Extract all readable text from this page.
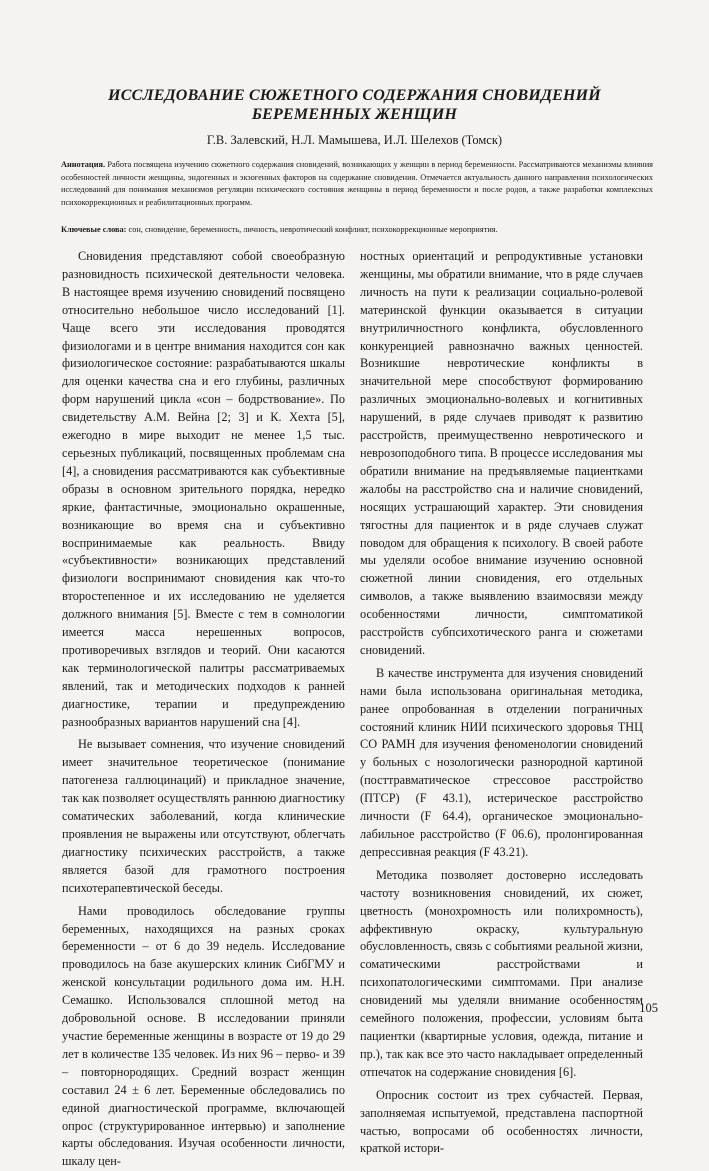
ИССЛЕДОВАНИЕ СЮЖЕТНОГО СОДЕРЖАНИЯ СНОВИДЕНИЙ
БЕРЕМЕННЫХ ЖЕНЩИН
Г.В. Залевский, Н.Л. Мамышева, И.Л. Шелехов (Томск)
Аннотация. Работа посвящена изучению сюжетного содержания сновидений, возникающих у женщин в период беременности. Рассматриваются механизмы влияния особенностей личности женщины, эндогенных и экзогенных факторов на содержание сновидения. Отмечается актуальность данного направления психологических исследований для понимания механизмов регуляции психического состояния женщины в период беременности и после родов, а также разработки комплексных психокоррекционных и реабилитационных программ.
Ключевые слова: сон, сновидение, беременность, личность, невротический конфликт, психокоррекционные мероприятия.

Сновидения представляют собой своеобразную разновидность психической деятельности человека. В настоящее время изучению сновидений посвящено относительно небольшое число исследований [1]. Чаще всего эти исследования проводятся физиологами и в центре внимания находится сон как физиологическое состояние: разрабатываются шкалы для оценки качества сна и его глубины, различных форм нарушений цикла «сон – бодрствование». По свидетельству А.М. Вейна [2; 3] и К. Хехта [5], ежегодно в мире выходит не менее 1,5 тыс. серьезных публикаций, посвященных проблемам сна [4], а сновидения рассматриваются как субъективные образы в основном зрительного порядка, нередко яркие, фантастичные, эмоционально окрашенные, возникающие во время сна и субъективно воспринимаемые как реальность. Ввиду «субъективности» возникающих представлений физиологи воспринимают сновидения как что-то второстепенное и их исследованию не уделяется должного внимания [5]. Вместе с тем в сомнологии имеется масса нерешенных вопросов, противоречивых взглядов и теорий. Они касаются как терминологической палитры рассматриваемых явлений, так и методических подходов к ранней диагностике, терапии и предупреждению разнообразных вариантов нарушений сна [4].

Не вызывает сомнения, что изучение сновидений имеет значительное теоретическое (понимание патогенеза галлюцинаций) и прикладное значение, так как позволяет осуществлять раннюю диагностику соматических заболеваний, когда клинические проявления не выражены или отсутствуют, облегчать диагностику психических расстройств, а также является базой для грамотного построения психотерапевтической беседы.

Нами проводилось обследование группы беременных, находящихся на разных сроках беременности – от 6 до 39 недель. Исследование проводилось на базе акушерских клиник СибГМУ и женской консультации родильного дома им. Н.Н. Семашко. Использовался сплошной метод на добровольной основе. В исследовании приняли участие беременные женщины в возрасте от 19 до 29 лет в количестве 135 человек. Из них 96 – перво- и 39 – повторнородящих. Средний возраст женщин составил 24 ± 6 лет. Беременные обследовались по единой диагностической программе, включающей опрос (структурированное интервью) и заполнение карты обследования. Изучая особенности личности, шкалу цен-

ностных ориентаций и репродуктивные установки женщины, мы обратили внимание, что в ряде случаев личность на пути к реализации социально-ролевой материнской функции оказывается в ситуации внутриличностного конфликта, обусловленного конкуренцией равнозначно важных ценностей. Возникшие невротические конфликты в значительной мере способствуют формированию различных эмоционально-волевых и когнитивных нарушений, в ряде случаев приводят к развитию расстройств, преимущественно невротического и неврозоподобного типа. В процессе исследования мы обратили внимание на предъявляемые пациентками жалобы на расстройство сна и наличие сновидений, носящих устрашающий характер. Эти сновидения тягостны для пациенток и в ряде случаев служат поводом для обращения к психологу. В своей работе мы уделяли особое внимание изучению основной сюжетной линии сновидения, его отдельных символов, а также выявлению взаимосвязи между особенностями личности, симптоматикой расстройств субпсихотического ранга и сюжетами сновидений.

В качестве инструмента для изучения сновидений нами была использована оригинальная методика, ранее опробованная в отделении пограничных состояний клиник НИИ психического здоровья ТНЦ СО РАМН для изучения феноменологии сновидений у больных с нозологически разнородной картиной (посттравматическое стрессовое расстройство (ПТСР) (F 43.1), истерическое расстройство личности (F 64.4), органическое эмоционально-лабильное расстройство (F 06.6), пролонгированная депрессивная реакция (F 43.21).

Методика позволяет достоверно исследовать частоту возникновения сновидений, их сюжет, цветность (монохромность или полихромность), аффективную окраску, культуральную обусловленность, связь с событиями реальной жизни, соматическими расстройствами и психопатологическими симптомами. При анализе сновидений мы уделяли внимание особенностям семейного положения, профессии, условиям быта пациентки (квартирные условия, одежда, питание и пр.), так как все это часто накладывает определенный отпечаток на содержание сновидения [6].

Опросник состоит из трех субчастей. Первая, заполняемая испытуемой, представлена паспортной частью, вопросами об особенностях личности, краткой истори-

105
